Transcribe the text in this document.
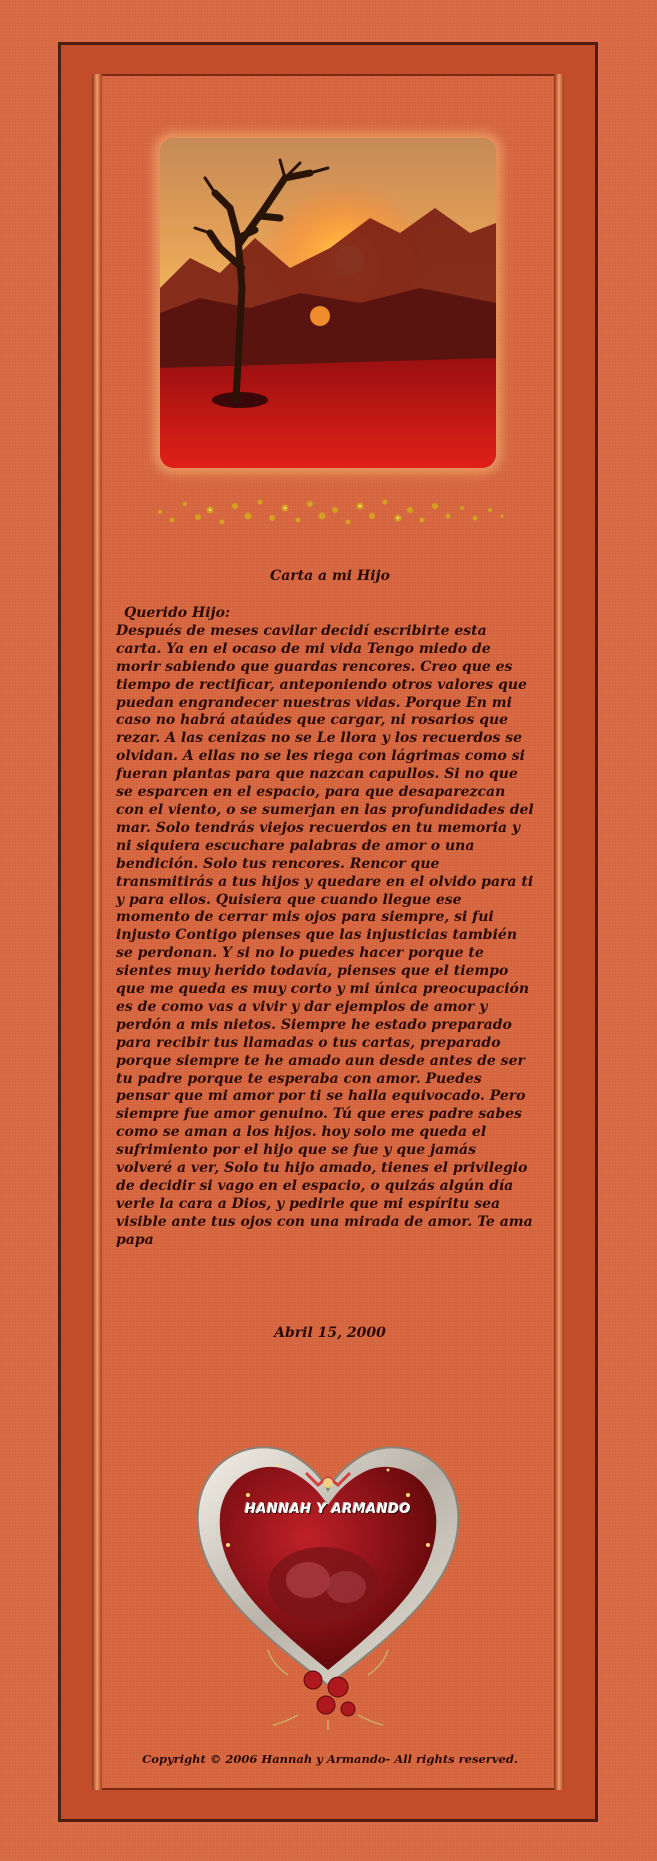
Carta a mi Hijo

Querido Hijo:
Después de meses cavilar decidí escribirte esta carta. Ya en el ocaso de mi vida Tengo miedo de morir sabiendo que guardas rencores. Creo que es tiempo de rectificar, anteponiendo otros valores que puedan engrandecer nuestras vidas. Porque En mi caso no habrá ataúdes que cargar, ni rosarios que rezar. A las cenizas no se Le llora y los recuerdos se olvidan. A ellas no se les riega con lágrimas como si fueran plantas para que nazcan capullos. Si no que se esparcen en el espacio, para que desaparezcan con el viento, o se sumerjan en las profundidades del mar. Solo tendrás viejos recuerdos en tu memoria y ni siquiera escuchare palabras de amor o una bendición. Solo tus rencores. Rencor que transmitirás a tus hijos y quedare en el olvido para ti y para ellos. Quisiera que cuando llegue ese momento de cerrar mis ojos para siempre, si fui injusto Contigo pienses que las injusticias también se perdonan. Y si no lo puedes hacer porque te sientes muy herido todavía, pienses que el tiempo que me queda es muy corto y mi única preocupación es de como vas a vivir y dar ejemplos de amor y perdón a mis nietos. Siempre he estado preparado para recibir tus llamadas o tus cartas, preparado porque siempre te he amado aun desde antes de ser tu padre porque te esperaba con amor. Puedes pensar que mi amor por ti se halla equivocado. Pero siempre fue amor genuino. Tú que eres padre sabes como se aman a los hijos. hoy solo me queda el sufrimiento por el hijo que se fue y que jamás volveré a ver, Solo tu hijo amado, tienes el privilegio de decidir si vago en el espacio, o quizás algún día verle la cara a Dios, y pedirle que mi espíritu sea visible ante tus ojos con una mirada de amor. Te ama papa

Abril 15, 2000
HANNAH Y ARMANDO
Copyright © 2006 Hannah y Armando- All rights reserved.
